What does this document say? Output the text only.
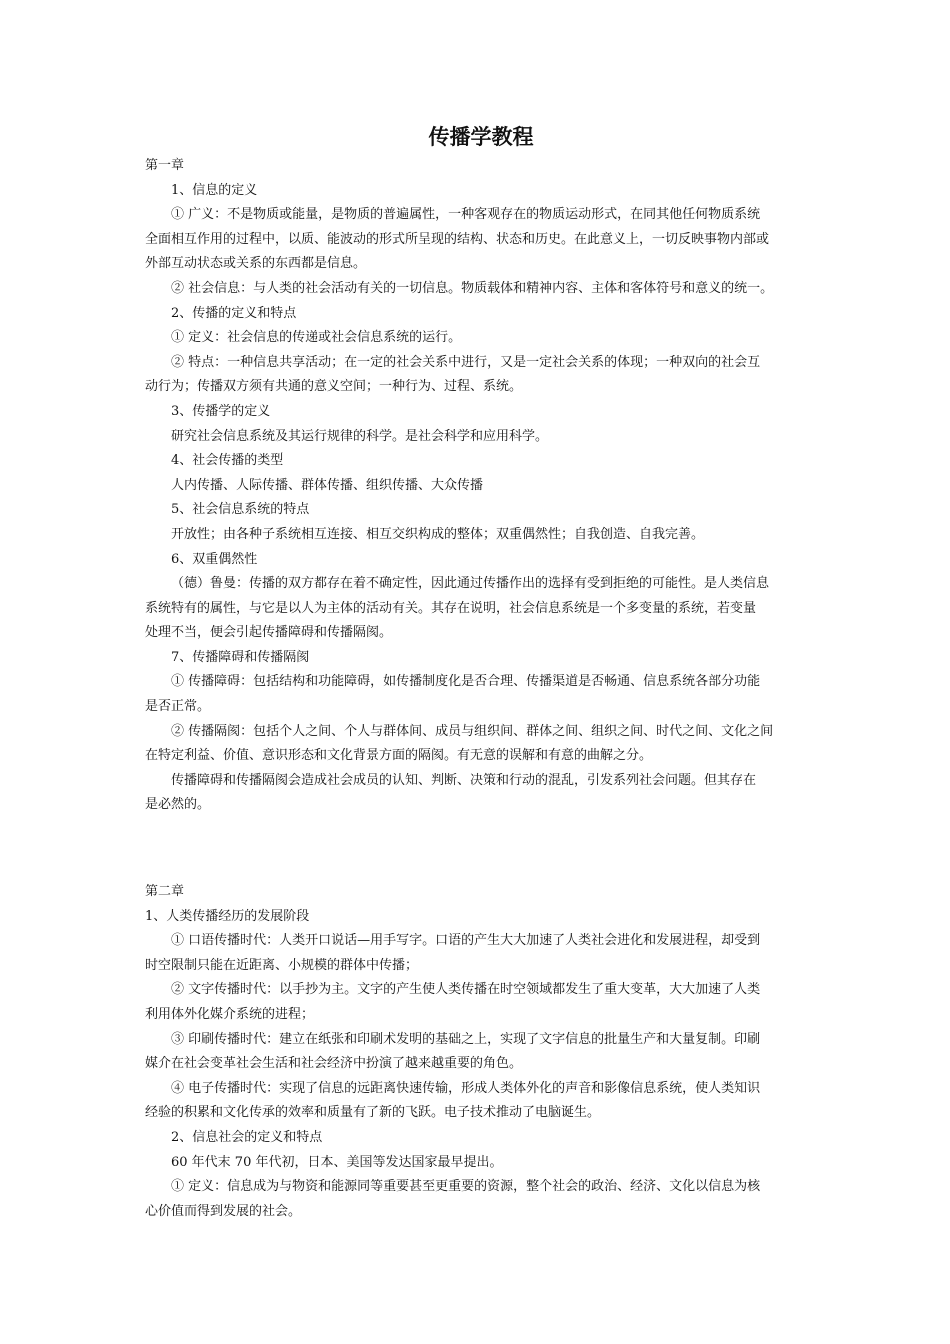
传播学教程
第一章
1、信息的定义
① 广义：不是物质或能量，是物质的普遍属性，一种客观存在的物质运动形式，在同其他任何物质系统
全面相互作用的过程中，以质、能波动的形式所呈现的结构、状态和历史。在此意义上，一切反映事物内部或
外部互动状态或关系的东西都是信息。
② 社会信息：与人类的社会活动有关的一切信息。物质载体和精神内容、主体和客体符号和意义的统一。
2、传播的定义和特点
① 定义：社会信息的传递或社会信息系统的运行。
② 特点：一种信息共享活动；在一定的社会关系中进行，又是一定社会关系的体现；一种双向的社会互
动行为；传播双方须有共通的意义空间；一种行为、过程、系统。
3、传播学的定义
研究社会信息系统及其运行规律的科学。是社会科学和应用科学。
4、社会传播的类型
人内传播、人际传播、群体传播、组织传播、大众传播
5、社会信息系统的特点
开放性；由各种子系统相互连接、相互交织构成的整体；双重偶然性；自我创造、自我完善。
6、双重偶然性
（德）鲁曼：传播的双方都存在着不确定性，因此通过传播作出的选择有受到拒绝的可能性。是人类信息
系统特有的属性，与它是以人为主体的活动有关。其存在说明，社会信息系统是一个多变量的系统，若变量
处理不当，便会引起传播障碍和传播隔阂。
7、传播障碍和传播隔阂
① 传播障碍：包括结构和功能障碍，如传播制度化是否合理、传播渠道是否畅通、信息系统各部分功能
是否正常。
② 传播隔阂：包括个人之间、个人与群体间、成员与组织间、群体之间、组织之间、时代之间、文化之间
在特定利益、价值、意识形态和文化背景方面的隔阂。有无意的误解和有意的曲解之分。
传播障碍和传播隔阂会造成社会成员的认知、判断、决策和行动的混乱，引发系列社会问题。但其存在
是必然的。
第二章
1、人类传播经历的发展阶段
① 口语传播时代：人类开口说话—用手写字。口语的产生大大加速了人类社会进化和发展进程，却受到
时空限制只能在近距离、小规模的群体中传播；
② 文字传播时代：以手抄为主。文字的产生使人类传播在时空领域都发生了重大变革，大大加速了人类
利用体外化媒介系统的进程；
③ 印刷传播时代：建立在纸张和印刷术发明的基础之上，实现了文字信息的批量生产和大量复制。印刷
媒介在社会变革社会生活和社会经济中扮演了越来越重要的角色。
④ 电子传播时代：实现了信息的远距离快速传输，形成人类体外化的声音和影像信息系统，使人类知识
经验的积累和文化传承的效率和质量有了新的飞跃。电子技术推动了电脑诞生。
2、信息社会的定义和特点
60 年代末 70 年代初，日本、美国等发达国家最早提出。
① 定义：信息成为与物资和能源同等重要甚至更重要的资源，整个社会的政治、经济、文化以信息为核
心价值而得到发展的社会。
